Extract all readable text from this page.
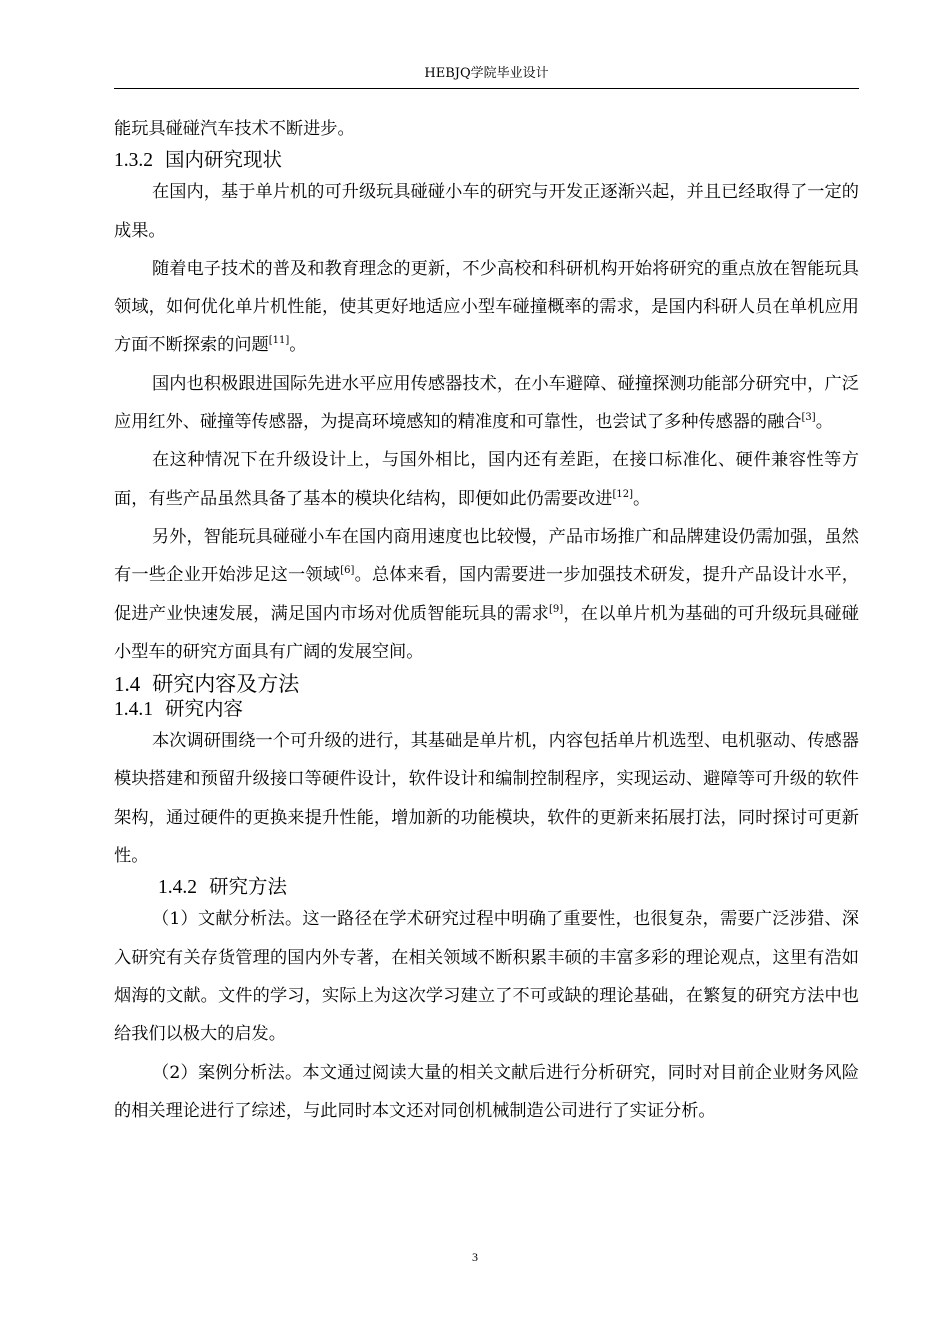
HEBJQ学院毕业设计

能玩具碰碰汽车技术不断进步。

1.3.2 国内研究现状

在国内，基于单片机的可升级玩具碰碰小车的研究与开发正逐渐兴起，并且已经取得了一定的成果。

随着电子技术的普及和教育理念的更新，不少高校和科研机构开始将研究的重点放在智能玩具领域，如何优化单片机性能，使其更好地适应小型车碰撞概率的需求，是国内科研人员在单机应用方面不断探索的问题[11]。

国内也积极跟进国际先进水平应用传感器技术，在小车避障、碰撞探测功能部分研究中，广泛应用红外、碰撞等传感器，为提高环境感知的精准度和可靠性，也尝试了多种传感器的融合[3]。

在这种情况下在升级设计上，与国外相比，国内还有差距，在接口标准化、硬件兼容性等方面，有些产品虽然具备了基本的模块化结构，即便如此仍需要改进[12]。

另外，智能玩具碰碰小车在国内商用速度也比较慢，产品市场推广和品牌建设仍需加强，虽然有一些企业开始涉足这一领域[6]。总体来看，国内需要进一步加强技术研发，提升产品设计水平，促进产业快速发展，满足国内市场对优质智能玩具的需求[9]，在以单片机为基础的可升级玩具碰碰小型车的研究方面具有广阔的发展空间。

1.4 研究内容及方法
1.4.1 研究内容

本次调研围绕一个可升级的进行，其基础是单片机，内容包括单片机选型、电机驱动、传感器模块搭建和预留升级接口等硬件设计，软件设计和编制控制程序，实现运动、避障等可升级的软件架构，通过硬件的更换来提升性能，增加新的功能模块，软件的更新来拓展打法，同时探讨可更新性。

1.4.2 研究方法

（1）文献分析法。这一路径在学术研究过程中明确了重要性，也很复杂，需要广泛涉猎、深入研究有关存货管理的国内外专著，在相关领域不断积累丰硕的丰富多彩的理论观点，这里有浩如烟海的文献。文件的学习，实际上为这次学习建立了不可或缺的理论基础，在繁复的研究方法中也给我们以极大的启发。

（2）案例分析法。本文通过阅读大量的相关文献后进行分析研究，同时对目前企业财务风险的相关理论进行了综述，与此同时本文还对同创机械制造公司进行了实证分析。

3
